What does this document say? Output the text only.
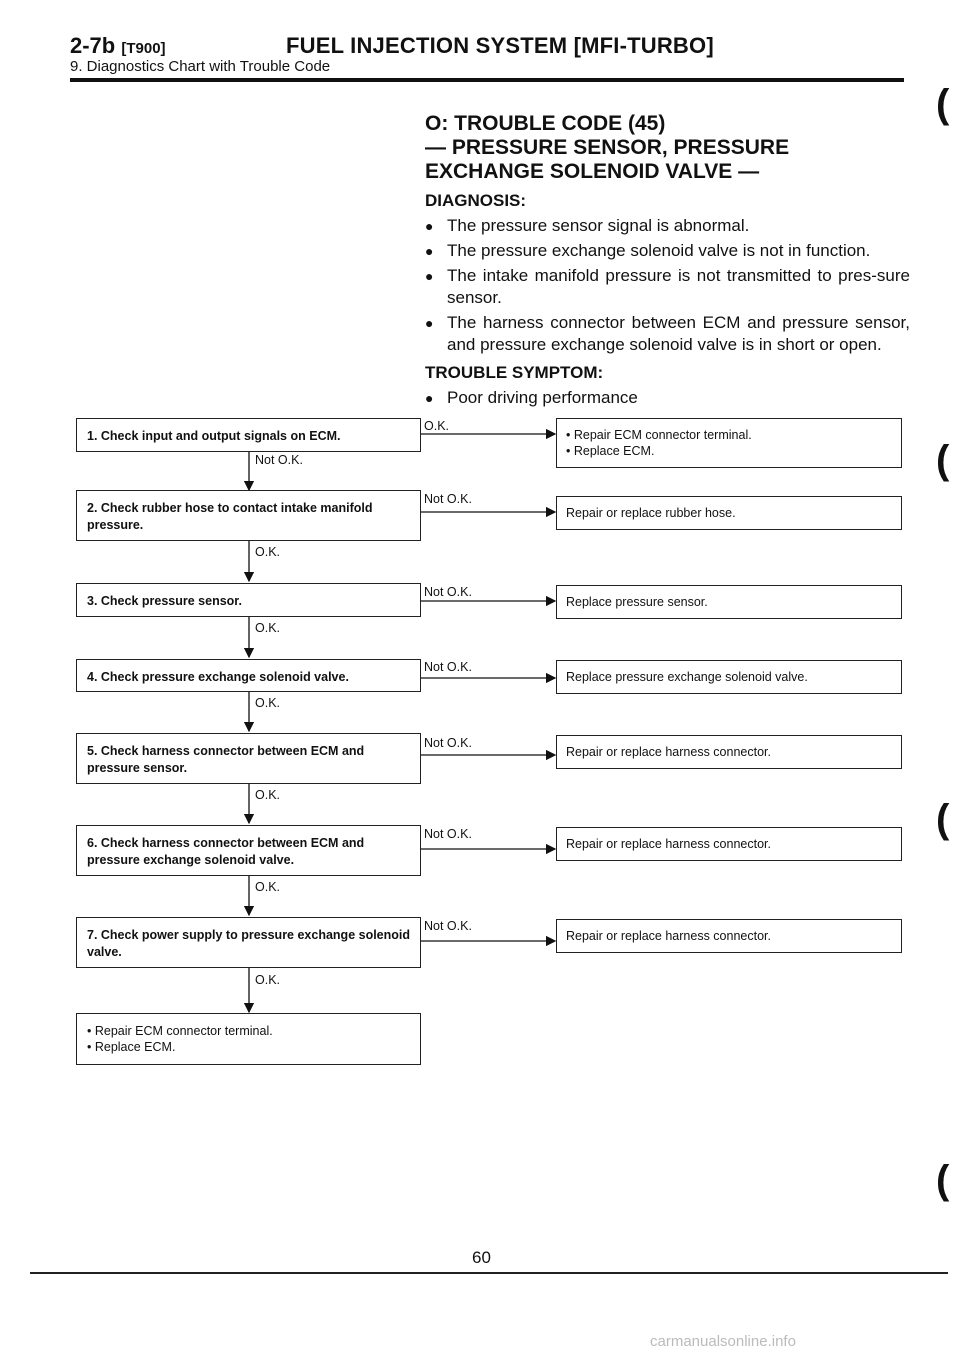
2-7b [T900]	FUEL INJECTION SYSTEM [MFI-TURBO]
9. Diagnostics Chart with Trouble Code
(
(
(
(

O: TROUBLE CODE (45)

— PRESSURE SENSOR, PRESSURE

EXCHANGE SOLENOID VALVE —

DIAGNOSIS:
● The pressure sensor signal is abnormal.
● The pressure exchange solenoid valve is not in function.
● The intake manifold pressure is not transmitted to pres-sure sensor.
● The harness connector between ECM and pressure sensor, and pressure exchange solenoid valve is in short or open.
TROUBLE SYMPTOM:
● Poor driving performance
1. Check input and output signals on ECM.
O.K.
Not O.K.
• Repair ECM connector terminal.
• Replace ECM.
2. Check rubber hose to contact intake manifold pressure.
Not O.K.
O.K.
Repair or replace rubber hose.
3. Check pressure sensor.
Not O.K.
O.K.
Replace pressure sensor.
4. Check pressure exchange solenoid valve.
Not O.K.
O.K.
Replace pressure exchange solenoid valve.
5. Check harness connector between ECM and pressure sensor.
Not O.K.
O.K.
Repair or replace harness connector.
6. Check harness connector between ECM and pressure exchange solenoid valve.
Not O.K.
O.K.
Repair or replace harness connector.
7. Check power supply to pressure exchange solenoid valve.
Not O.K.
O.K.
Repair or replace harness connector.
• Repair ECM connector terminal.
• Replace ECM.
60
carmanualsonline.info
